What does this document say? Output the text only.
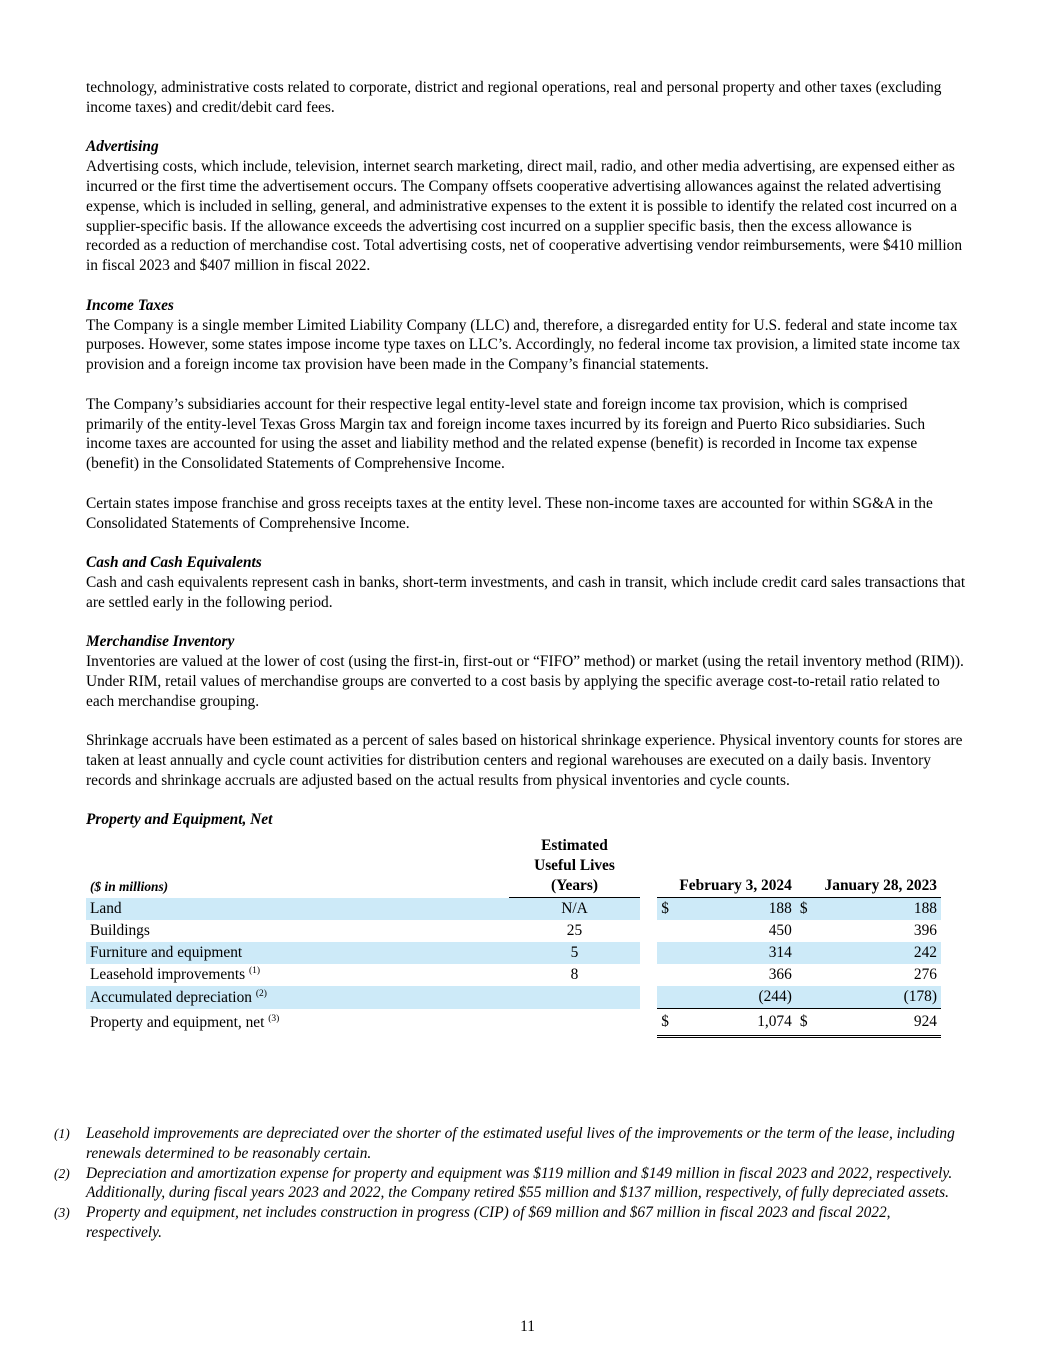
technology, administrative costs related to corporate, district and regional operations, real and personal property and other taxes (excluding income taxes) and credit/debit card fees.

Advertising

Advertising costs, which include, television, internet search marketing, direct mail, radio, and other media advertising, are expensed either as incurred or the first time the advertisement occurs. The Company offsets cooperative advertising allowances against the related advertising expense, which is included in selling, general, and administrative expenses to the extent it is possible to identify the related cost incurred on a supplier-specific basis. If the allowance exceeds the advertising cost incurred on a supplier specific basis, then the excess allowance is recorded as a reduction of merchandise cost. Total advertising costs, net of cooperative advertising vendor reimbursements, were $410 million in fiscal 2023 and $407 million in fiscal 2022.

Income Taxes

The Company is a single member Limited Liability Company (LLC) and, therefore, a disregarded entity for U.S. federal and state income tax purposes. However, some states impose income type taxes on LLC’s. Accordingly, no federal income tax provision, a limited state income tax provision and a foreign income tax provision have been made in the Company’s financial statements.

The Company’s subsidiaries account for their respective legal entity-level state and foreign income tax provision, which is comprised primarily of the entity-level Texas Gross Margin tax and foreign income taxes incurred by its foreign and Puerto Rico subsidiaries. Such income taxes are accounted for using the asset and liability method and the related expense (benefit) is recorded in Income tax expense (benefit) in the Consolidated Statements of Comprehensive Income.

Certain states impose franchise and gross receipts taxes at the entity level. These non-income taxes are accounted for within SG&A in the Consolidated Statements of Comprehensive Income.

Cash and Cash Equivalents

Cash and cash equivalents represent cash in banks, short-term investments, and cash in transit, which include credit card sales transactions that are settled early in the following period.

Merchandise Inventory

Inventories are valued at the lower of cost (using the first-in, first-out or “FIFO” method) or market (using the retail inventory method (RIM)). Under RIM, retail values of merchandise groups are converted to a cost basis by applying the specific average cost-to-retail ratio related to each merchandise grouping.

Shrinkage accruals have been estimated as a percent of sales based on historical shrinkage experience. Physical inventory counts for stores are taken at least annually and cycle count activities for distribution centers and regional warehouses are executed on a daily basis. Inventory records and shrinkage accruals are adjusted based on the actual results from physical inventories and cycle counts.

Property and Equipment, Net
($ in millions)	Estimated
Useful Lives
(Years)		February 3, 2024		January 28, 2023	
Land	N/A		$	188	$	188
Buildings	25			450		396
Furniture and equipment	5			314		242
Leasehold improvements $^{(1)}$	8			366		276
Accumulated depreciation $^{(2)}$				(244)		(178)
Property and equipment, net $^{(3)}$			$	1,074	$	924
(1)	Leasehold improvements are depreciated over the shorter of the estimated useful lives of the improvements or the term of the lease, including renewals determined to be reasonably certain.
(2)	Depreciation and amortization expense for property and equipment was $119 million and $149 million in fiscal 2023 and 2022, respectively. Additionally, during fiscal years 2023 and 2022, the Company retired $55 million and $137 million, respectively, of fully depreciated assets.
(3)	Property and equipment, net includes construction in progress (CIP) of $69 million and $67 million in fiscal 2023 and fiscal 2022, respectively.
11
